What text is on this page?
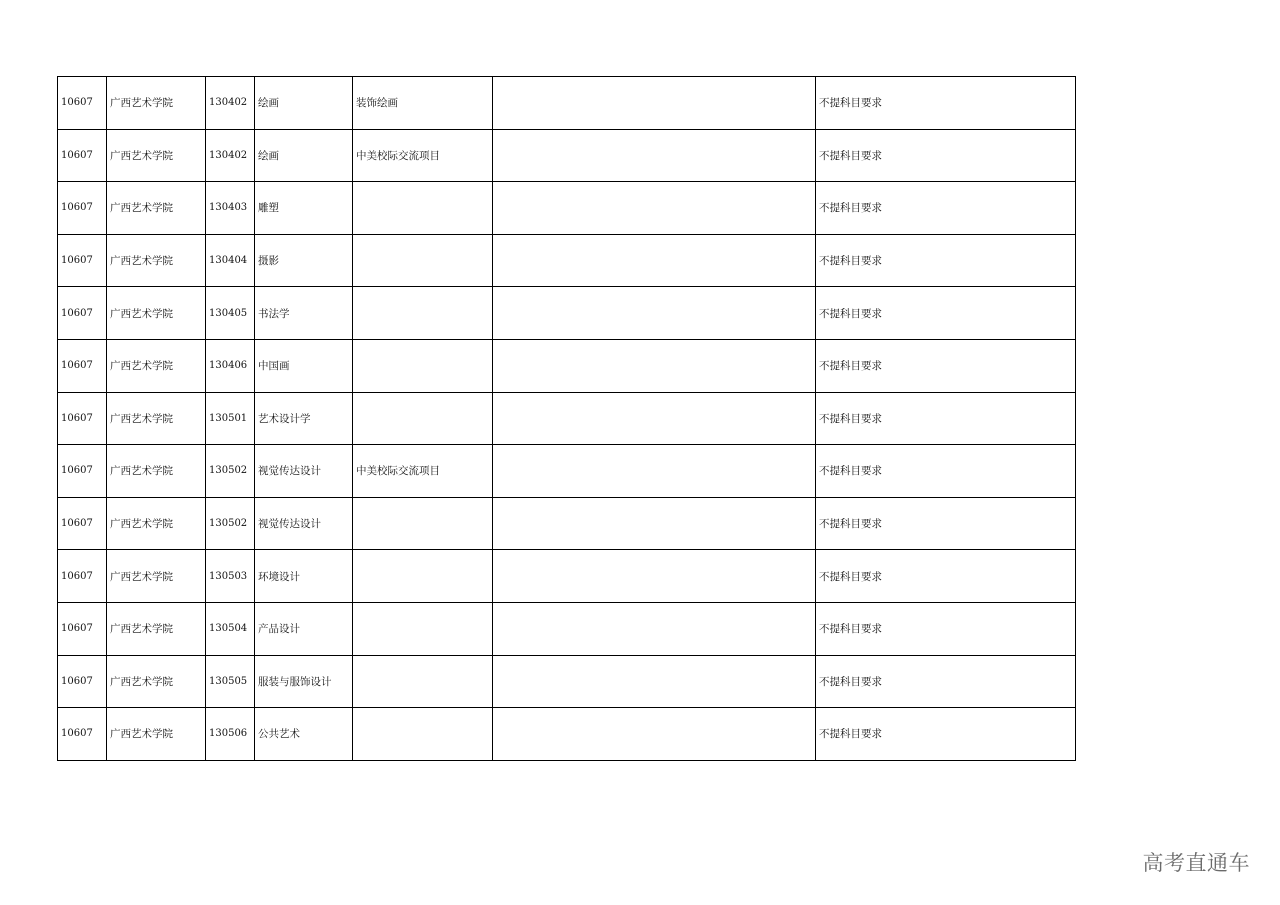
10607	广西艺术学院	130402	绘画	装饰绘画		不提科目要求
10607	广西艺术学院	130402	绘画	中美校际交流项目		不提科目要求
10607	广西艺术学院	130403	雕塑			不提科目要求
10607	广西艺术学院	130404	摄影			不提科目要求
10607	广西艺术学院	130405	书法学			不提科目要求
10607	广西艺术学院	130406	中国画			不提科目要求
10607	广西艺术学院	130501	艺术设计学			不提科目要求
10607	广西艺术学院	130502	视觉传达设计	中美校际交流项目		不提科目要求
10607	广西艺术学院	130502	视觉传达设计			不提科目要求
10607	广西艺术学院	130503	环境设计			不提科目要求
10607	广西艺术学院	130504	产品设计			不提科目要求
10607	广西艺术学院	130505	服装与服饰设计			不提科目要求
10607	广西艺术学院	130506	公共艺术			不提科目要求
高考直通车
